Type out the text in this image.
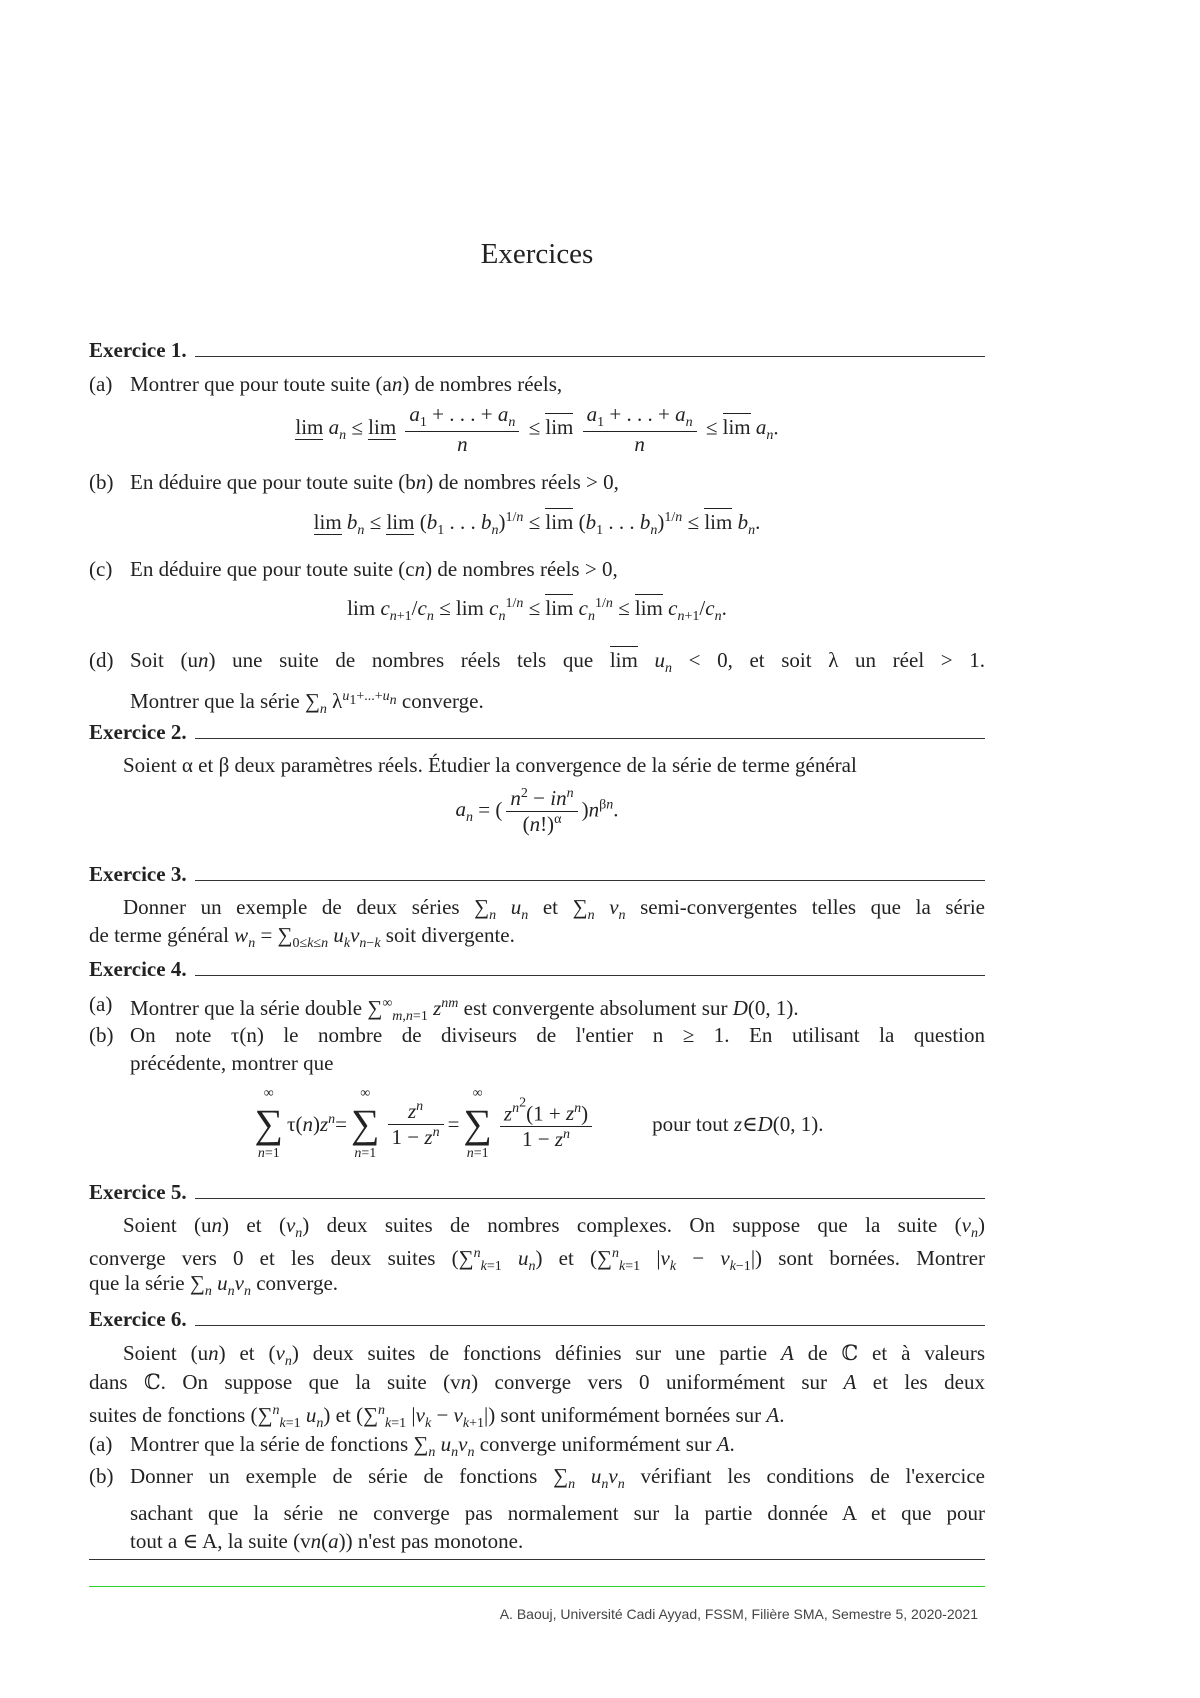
Exercices
Exercice 1.
(a) Montrer que pour toute suite (an) de nombres réels,
$\lim a_n \le \lim \frac{a_1 + . . . + a_n}{n} \le \lim \frac{a_1 + . . . + a_n}{n} \le \lim a_n$.
(b) En déduire que pour toute suite (bn) de nombres réels > 0,
$\lim b_n \le \lim (b_1$ . . . $b_n)^{1/n} \le \lim (b_1$ . . . $b_n)^{1/n} \le \lim b_n$.
(c) En déduire que pour toute suite (cn) de nombres réels > 0,
$\lim c_{n+1}/c_n \le \lim c_n^{1/n} \le \lim c_n^{1/n} \le \lim c_{n+1}/c_n$.
(d) Soit (un) une suite de nombres réels tels que $\lim u_n < 0$, et soit λ un réel > 1.
Montrer que la série $\sum_n$ $\lambda^{u_1+...+u_n}$ converge.
Exercice 2.
Soient α et β deux paramètres réels. Étudier la convergence de la série de terme général
$a_n$ = ( $\frac{n^2 - in^n}{(n!)^\alpha} )n^{\beta n}$.
Exercice 3.
Donner un exemple de deux séries $\sum_n$ $u_n$ et $\sum_n$ $v_n$ semi-convergentes telles que la série
de terme général $w_n = \sum_{0\le k\le n}$ $u_kv_{n-k}$ soit divergente.
Exercice 4.
(a) Montrer que la série double $\sum^\infty_{m,n=1}$ $z^{nm}$ est convergente absolument sur D(0, 1).
(b) On note τ(n) le nombre de diviseurs de l'entier n ≥ 1. En utilisant la question
précédente, montrer que
∞
∑
n=1
τ( n ) $z^n$ =
∞
∑
n=1
$\frac{z^n}{1 - z^n}$ =
∞
∑
n=1
$\frac{z^{n^2}(1 + z^n)}{1 - z^n}$	pour tout
z ∈ D (0, 1).
Exercice 5.
Soient (un) et $(v_n)$ deux suites de nombres complexes. On suppose que la suite $(v_n)$
converge vers 0 et les deux suites (∑$^n_{k=1}$ $u_n$) et (∑$^n_{k=1}$ $|v_k - v_{k-1}|$) sont bornées. Montrer
que la série $\sum_n$ $u_nv_n$ converge.
Exercice 6.
Soient (un) et $(v_n)$ deux suites de fonctions définies sur une partie A de ℂ et à valeurs
dans ℂ. On suppose que la suite (vn) converge vers 0 uniformément sur A et les deux
suites de fonctions (∑$^n_{k=1}$ $u_n$) et (∑$^n_{k=1}$ $|v_k - v_{k+1}|$) sont uniformément bornées sur A.
(a) Montrer que la série de fonctions $\sum_n$ $u_nv_n$ converge uniformément sur A.
(b) Donner un exemple de série de fonctions $\sum_n$ $u_nv_n$ vérifiant les conditions de l'exercice
sachant que la série ne converge pas normalement sur la partie donnée A et que pour
tout a ∈ A, la suite (vn(a)) n'est pas monotone.
A. Baouj, Université Cadi Ayyad, FSSM, Filière SMA, Semestre 5, 2020-2021
